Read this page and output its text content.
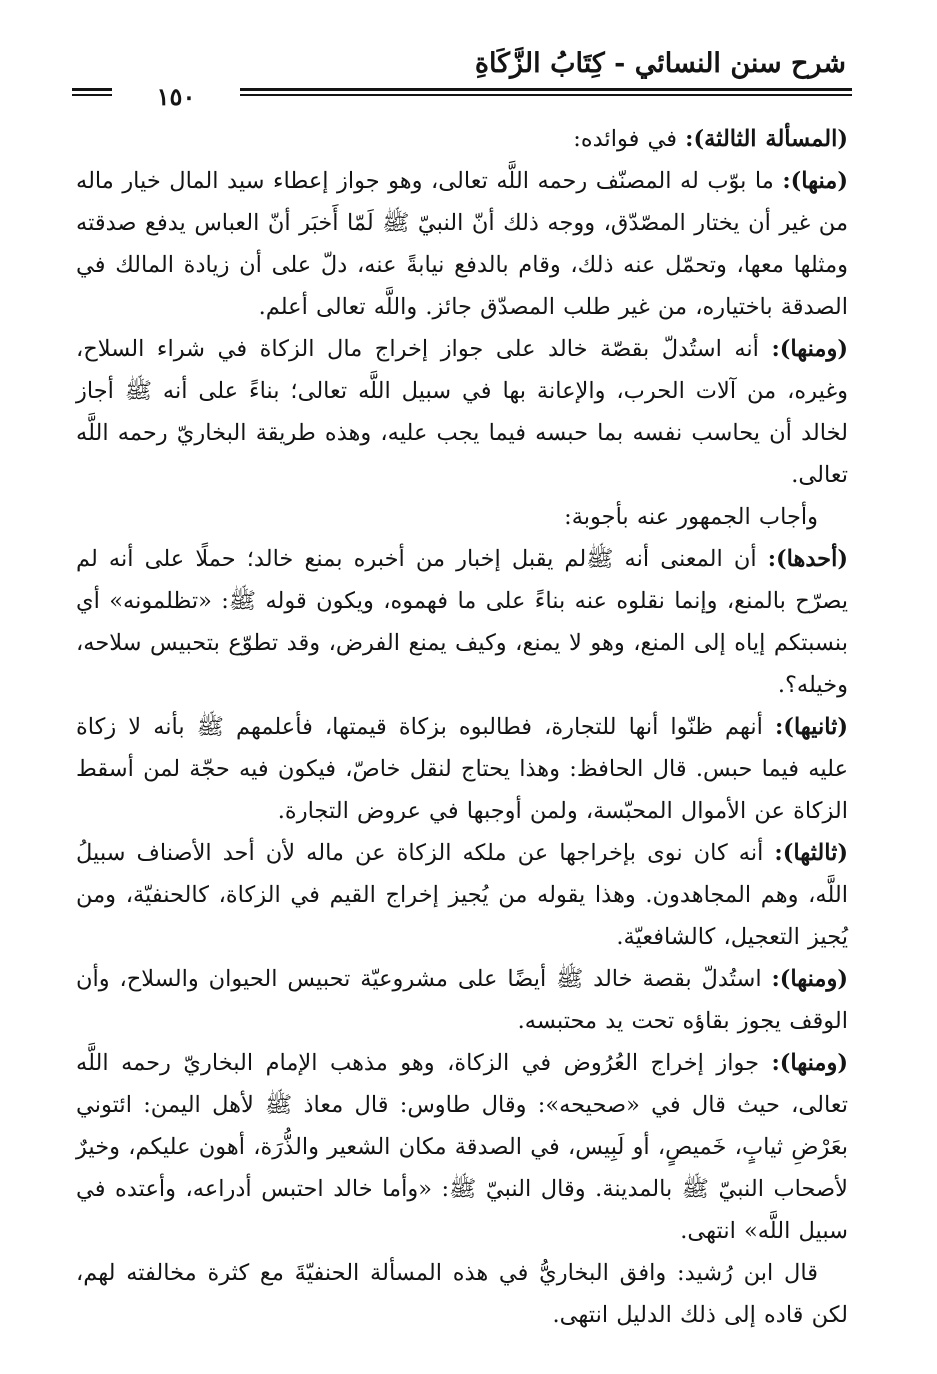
شرح سنن النسائي - كِتَابُ الزَّكَاةِ
١٥٠

(المسألة الثالثة): في فوائده:

(منها): ما بوّب له المصنّف رحمه اللَّه تعالى، وهو جواز إعطاء سيد المال خيار ماله من غير أن يختار المصّدّق، ووجه ذلك أنّ النبيّ ﷺ لَمّا أَخبَر أنّ العباس يدفع صدقته ومثلها معها، وتحمّل عنه ذلك، وقام بالدفع نيابةً عنه، دلّ على أن زيادة المالك في الصدقة باختياره، من غير طلب المصدّق جائز. واللَّه تعالى أعلم.

(ومنها): أنه استُدلّ بقصّة خالد على جواز إخراج مال الزكاة في شراء السلاح، وغيره، من آلات الحرب، والإعانة بها في سبيل اللَّه تعالى؛ بناءً على أنه ﷺ أجاز لخالد أن يحاسب نفسه بما حبسه فيما يجب عليه، وهذه طريقة البخاريّ رحمه اللَّه تعالى.

وأجاب الجمهور عنه بأجوبة:

(أحدها): أن المعنى أنه ﷺلم يقبل إخبار من أخبره بمنع خالد؛ حملًا على أنه لم يصرّح بالمنع، وإنما نقلوه عنه بناءً على ما فهموه، ويكون قوله ﷺ: «تظلمونه» أي بنسبتكم إياه إلى المنع، وهو لا يمنع، وكيف يمنع الفرض، وقد تطوّع بتحبيس سلاحه، وخيله؟.

(ثانيها): أنهم ظنّوا أنها للتجارة، فطالبوه بزكاة قيمتها، فأعلمهم ﷺ بأنه لا زكاة عليه فيما حبس. قال الحافظ: وهذا يحتاج لنقل خاصّ، فيكون فيه حجّة لمن أسقط الزكاة عن الأموال المحبّسة، ولمن أوجبها في عروض التجارة.

(ثالثها): أنه كان نوى بإخراجها عن ملكه الزكاة عن ماله لأن أحد الأصناف سبيلُ اللَّه، وهم المجاهدون. وهذا يقوله من يُجيز إخراج القيم في الزكاة، كالحنفيّة، ومن يُجيز التعجيل، كالشافعيّة.

(ومنها): استُدلّ بقصة خالد ﷺ أيضًا على مشروعيّة تحبيس الحيوان والسلاح، وأن الوقف يجوز بقاؤه تحت يد محتبسه.

(ومنها): جواز إخراج العُرُوض في الزكاة، وهو مذهب الإمام البخاريّ رحمه اللَّه تعالى، حيث قال في «صحيحه»: وقال طاوس: قال معاذ ﷺ لأهل اليمن: ائتوني بعَرْضِ ثيابٍ، خَميصٍ، أو لَبِيس، في الصدقة مكان الشعير والذُّرَة، أهون عليكم، وخيرٌ لأصحاب النبيّ ﷺ بالمدينة. وقال النبيّ ﷺ: «وأما خالد احتبس أدراعه، وأعتده في سبيل اللَّه» انتهى.

قال ابن رُشيد: وافق البخاريُّ في هذه المسألة الحنفيّةَ مع كثرة مخالفته لهم، لكن قاده إلى ذلك الدليل انتهى.
